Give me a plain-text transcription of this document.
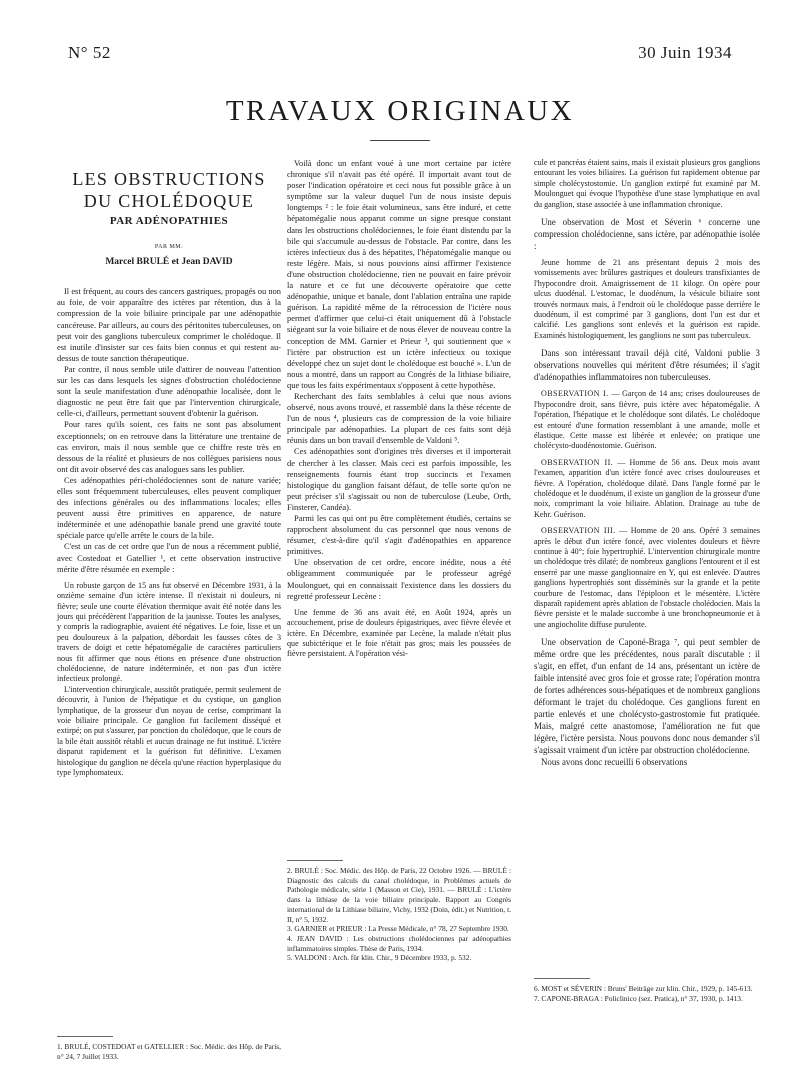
N° 52	30 Juin 1934
TRAVAUX ORIGINAUX
LES OBSTRUCTIONS
DU CHOLÉDOQUE
PAR ADÉNOPATHIES
PAR MM.
Marcel BRULÉ et Jean DAVID

Il est fréquent, au cours des cancers gastriques, propagés ou non au foie, de voir apparaître des ictères par rétention, dus à la compression de la voie biliaire principale par une adénopathie cancéreuse. Par ailleurs, au cours des péritonites tuberculeuses, on peut voir des ganglions tuberculeux comprimer le cholédoque. Il est inutile d'insister sur ces faits bien connus et qui restent au-dessus de toute sanction thérapeutique.

Par contre, il nous semble utile d'attirer de nouveau l'attention sur les cas dans lesquels les signes d'obstruction cholédocienne sont la seule manifestation d'une adénopathie localisée, dont le diagnostic ne peut être fait que par l'intervention chirurgicale, celle-ci, d'ailleurs, permettant souvent d'obtenir la guérison.

Pour rares qu'ils soient, ces faits ne sont pas absolument exceptionnels; on en retrouve dans la littérature une trentaine de cas environ, mais il nous semble que ce chiffre reste très en dessous de la réalité et plusieurs de nos collègues parisiens nous ont dit avoir observé des cas analogues sans les publier.

Ces adénopathies péri-cholédociennes sont de nature variée; elles sont fréquemment tuberculeuses, elles peuvent compliquer des infections générales ou des inflammations locales; elles peuvent aussi être primitives en apparence, de nature indéterminée et une adénopathie banale prend une gravité toute spéciale parce qu'elle arrête le cours de la bile.

C'est un cas de cet ordre que l'un de nous a récemment publié, avec Costedoat et Gatellier ¹, et cette observation instructive mérite d'être résumée en exemple :

Un robuste garçon de 15 ans fut observé en Décembre 1931, à la onzième semaine d'un ictère intense. Il n'existait ni douleurs, ni fièvre; seule une courte élévation thermique avait été notée dans les jours qui précédèrent l'apparition de la jaunisse. Toutes les analyses, y compris la radiographie, avaient été négatives. Le foie, lisse et un peu douloureux à la palpation, débordait les fausses côtes de 3 travers de doigt et cette hépatomégalie de caractères particuliers nous fit affirmer que nous étions en présence d'une obstruction cholédocienne, de nature indéterminée, et non pas d'un ictère infectieux prolongé.

L'intervention chirurgicale, aussitôt pratiquée, permit seulement de découvrir, à l'union de l'hépatique et du cystique, un ganglion lymphatique, de la grosseur d'un noyau de cerise, comprimant la voie biliaire principale. Ce ganglion fut facilement disséqué et extirpé; on put s'assurer, par ponction du cholédoque, que le cours de la bile était aussitôt rétabli et aucun drainage ne fut institué. L'ictère disparut rapidement et la guérison fut définitive. L'examen histologique du ganglion ne décela qu'une réaction hyperplasique du type lymphomateux.

1. BRULÉ, COSTEDOAT et GATELLIER : Soc. Médic. des Hôp. de Paris, n° 24, 7 Juillet 1933.

Voilà donc un enfant voué à une mort certaine par ictère chronique s'il n'avait pas été opéré. Il importait avant tout de poser l'indication opératoire et ceci nous fut possible grâce à un symptôme sur la valeur duquel l'un de nous insiste depuis longtemps ² : le foie était volumineux, sans être induré, et cette hépatomégalie nous apparut comme un signe presque constant dans les obstructions cholédociennes, le foie étant distendu par la bile qui s'accumule au-dessus de l'obstacle. Par contre, dans les ictères infectieux dus à des hépatites, l'hépatomégalie manque ou reste légère. Mais, si nous pouvions ainsi affirmer l'existence d'une obstruction cholédocienne, rien ne pouvait en faire prévoir la nature et ce fut une découverte opératoire que cette adénopathie, unique et banale, dont l'ablation entraîna une rapide guérison. La rapidité même de la rétrocession de l'ictère nous permet d'affirmer que celui-ci était uniquement dû à l'obstacle siégeant sur la voie biliaire et de nous élever de nouveau contre la conception de MM. Garnier et Prieur ³, qui soutiennent que « l'ictère par obstruction est un ictère infectieux ou toxique développé chez un sujet dont le cholédoque est bouché ». L'un de nous a montré, dans un rapport au Congrès de la lithiase biliaire, que tous les faits expérimentaux s'opposent à cette hypothèse.

Recherchant des faits semblables à celui que nous avions observé, nous avons trouvé, et rassemblé dans la thèse récente de l'un de nous ⁴, plusieurs cas de compression de la voie biliaire principale par adénopathies. La plupart de ces faits sont déjà réunis dans un bon travail d'ensemble de Valdoni ⁵.

Ces adénopathies sont d'origines très diverses et il importerait de chercher à les classer. Mais ceci est parfois impossible, les renseignements fournis étant trop succincts et l'examen histologique du ganglion faisant défaut, de telle sorte qu'on ne peut préciser s'il s'agissait ou non de tuberculose (Leube, Orth, Finsterer, Candéa).

Parmi les cas qui ont pu être complètement étudiés, certains se rapprochent absolument du cas personnel que nous venons de résumer, c'est-à-dire qu'il s'agit d'adénopathies en apparence primitives.

Une observation de cet ordre, encore inédite, nous a été obligeamment communiquée par le professeur agrégé Moulonguet, qui en connaissait l'existence dans les dossiers du regretté professeur Lecène :

Une femme de 36 ans avait été, en Août 1924, après un accouchement, prise de douleurs épigastriques, avec fièvre élevée et ictère. En Décembre, examinée par Lecène, la malade n'était plus que subictérique et le foie n'était pas gros; mais les poussées de fièvre persistaient. A l'opération vési-

2. BRULÉ : Soc. Médic. des Hôp. de Paris, 22 Octobre 1926. — BRULÉ : Diagnostic des calculs du canal cholédoque, in Problèmes actuels de Pathologie médicale, série 1 (Masson et Cie), 1931. — BRULÉ : L'ictère dans la lithiase de la voie biliaire principale. Rapport au Congrès international de la Lithiase biliaire, Vichy, 1932 (Doin, édit.) et Nutrition, t. II, n° 5, 1932.

3. GARNIER et PRIEUR : La Presse Médicale, n° 78, 27 Septembre 1930.

4. JEAN DAVID : Les obstructions cholédociennes par adénopathies inflammatoires simples. Thèse de Paris, 1934.

5. VALDONI : Arch. für klin. Chir., 9 Décembre 1933, p. 532.

cule et pancréas étaient sains, mais il existait plusieurs gros ganglions entourant les voies biliaires. La guérison fut rapidement obtenue par simple cholécystostomie. Un ganglion extirpé fut examiné par M. Moulonguet qui évoque l'hypothèse d'une stase lymphatique en aval du ganglion, stase associée à une inflammation chronique.

Une observation de Most et Séverin ⁶ concerne une compression cholédocienne, sans ictère, par adénopathie isolée :

Jeune homme de 21 ans présentant depuis 2 mois des vomissements avec brûlures gastriques et douleurs transfixiantes de l'hypocondre droit. Amaigrissement de 11 kilogr. On opère pour ulcus duodénal. L'estomac, le duodénum, la vésicule biliaire sont trouvés normaux mais, à l'endroit où le cholédoque passe derrière le duodénum, il est comprimé par 3 ganglions, dont l'un est dur et calcifié. Les ganglions sont enlevés et la guérison est rapide. Examinés histologiquement, les ganglions ne sont pas tuberculeux.

Dans son intéressant travail déjà cité, Valdoni publie 3 observations nouvelles qui méritent d'être résumées; il s'agit d'adénopathies inflammatoires non tuberculeuses.

OBSERVATION I. — Garçon de 14 ans; crises douloureuses de l'hypocondre droit, sans fièvre, puis ictère avec hépatomégalie. A l'opération, l'hépatique et le cholédoque sont dilatés. Le cholédoque est entouré d'une formation ressemblant à une amande, molle et élastique. Cette masse est libérée et enlevée; on pratique une cholécysto-duodénostomie. Guérison.

OBSERVATION II. — Homme de 56 ans. Deux mois avant l'examen, apparition d'un ictère foncé avec crises douloureuses et fièvre. A l'opération, cholédoque dilaté. Dans l'angle formé par le cholédoque et le duodénum, il existe un ganglion de la grosseur d'une noix, comprimant la voie biliaire. Ablation. Drainage au tube de Kehr. Guérison.

OBSERVATION III. — Homme de 20 ans. Opéré 3 semaines après le début d'un ictère foncé, avec violentes douleurs et fièvre continue à 40°; foie hypertrophié. L'intervention chirurgicale montre un cholédoque très dilaté; de nombreux ganglions l'entourent et il est enserré par une masse ganglionnaire en Y, qui est enlevée. D'autres ganglions hypertrophiés sont disséminés sur la grande et la petite courbure de l'estomac, dans l'épiploon et le mésentère. L'ictère disparaît rapidement après ablation de l'obstacle cholédocien. Mais la fièvre persiste et le malade succombe à une bronchopneumonie et à une angiocholite diffuse purulente.

Une observation de Caponé-Braga ⁷, qui peut sembler de même ordre que les précédentes, nous paraît discutable : il s'agit, en effet, d'un enfant de 14 ans, présentant un ictère de faible intensité avec gros foie et grosse rate; l'opération montra de fortes adhérences sous-hépatiques et de nombreux ganglions déformant le trajet du cholédoque. Ces ganglions furent en partie enlevés et une cholécysto-gastrostomie fut pratiquée. Mais, malgré cette anastomose, l'amélioration ne fut que légère, l'ictère persista. Nous pouvons donc nous demander s'il s'agissait vraiment d'un ictère par obstruction cholédocienne.

Nous avons donc recueilli 6 observations

6. MOST et SÉVERIN : Bruns' Beiträge zur klin. Chir., 1929, p. 145-613.

7. CAPONE-BRAGA : Policlinico (sez. Pratica), n° 37, 1930, p. 1413.
